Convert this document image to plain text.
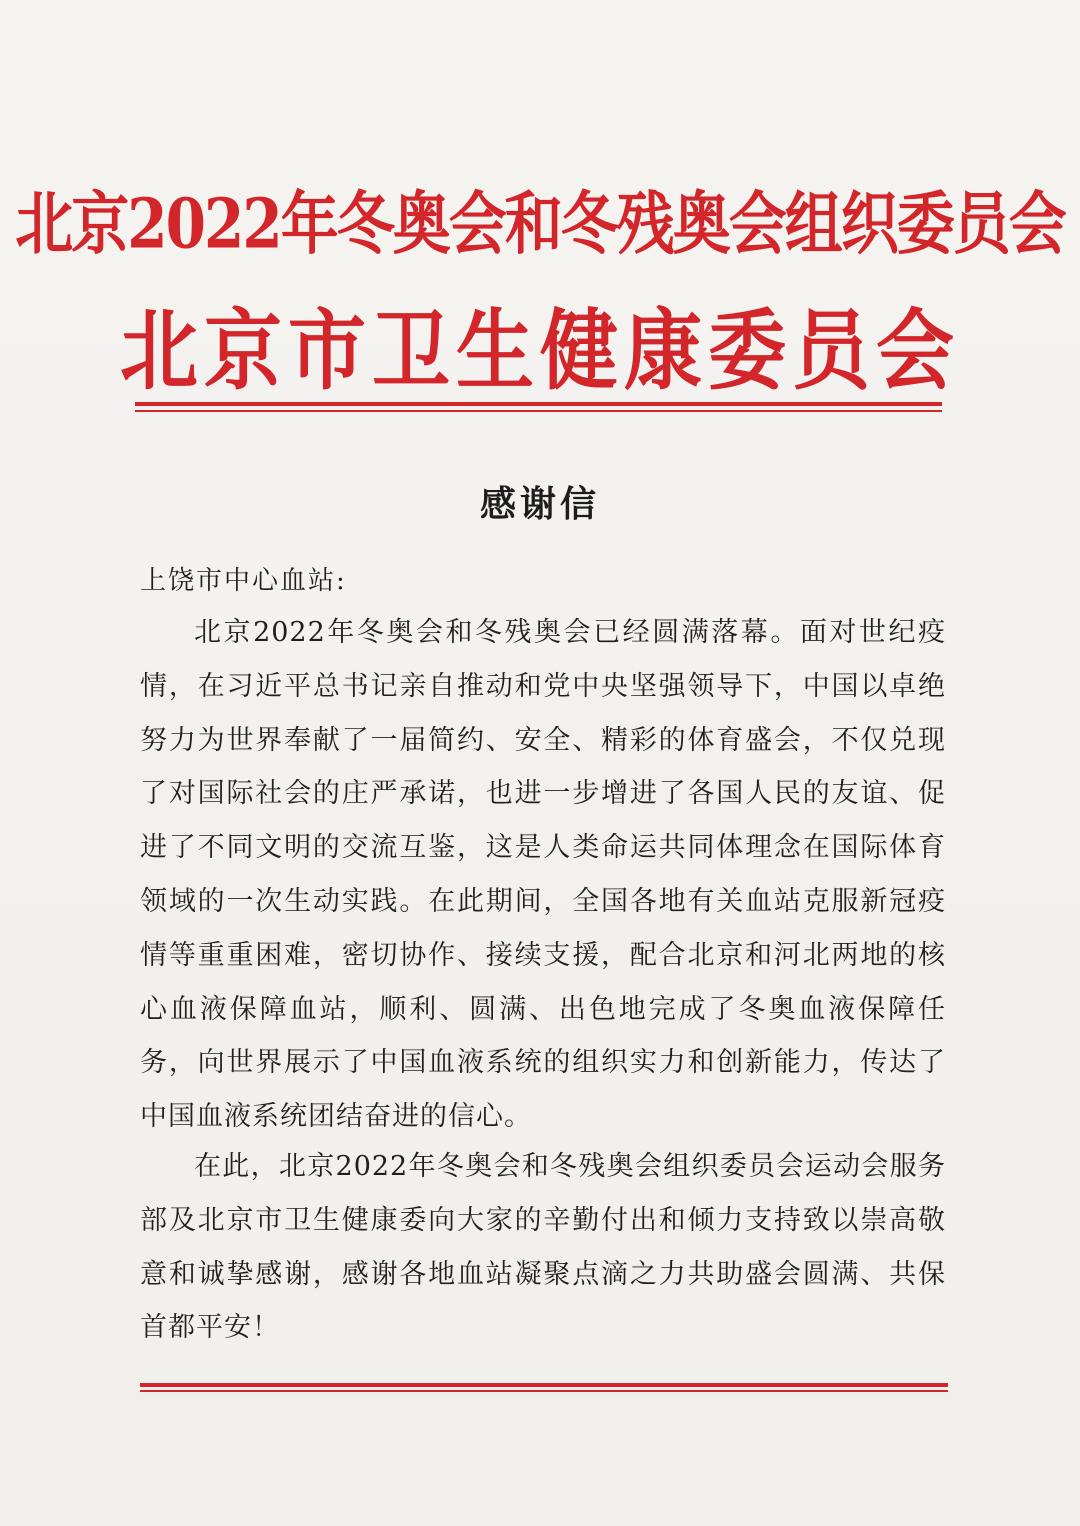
北京2022年冬奥会和冬残奥会组织委员会
北京市卫生健康委员会
感谢信
上饶市中心血站:
北京2022年冬奥会和冬残奥会已经圆满落幕。面对世纪疫情，在习近平总书记亲自推动和党中央坚强领导下，中国以卓绝努力为世界奉献了一届简约、安全、精彩的体育盛会，不仅兑现了对国际社会的庄严承诺，也进一步增进了各国人民的友谊、促进了不同文明的交流互鉴，这是人类命运共同体理念在国际体育领域的一次生动实践。在此期间，全国各地有关血站克服新冠疫情等重重困难，密切协作、接续支援，配合北京和河北两地的核心血液保障血站，顺利、圆满、出色地完成了冬奥血液保障任务，向世界展示了中国血液系统的组织实力和创新能力，传达了中国血液系统团结奋进的信心。
在此，北京2022年冬奥会和冬残奥会组织委员会运动会服务部及北京市卫生健康委向大家的辛勤付出和倾力支持致以崇高敬意和诚挚感谢，感谢各地血站凝聚点滴之力共助盛会圆满、共保首都平安！
